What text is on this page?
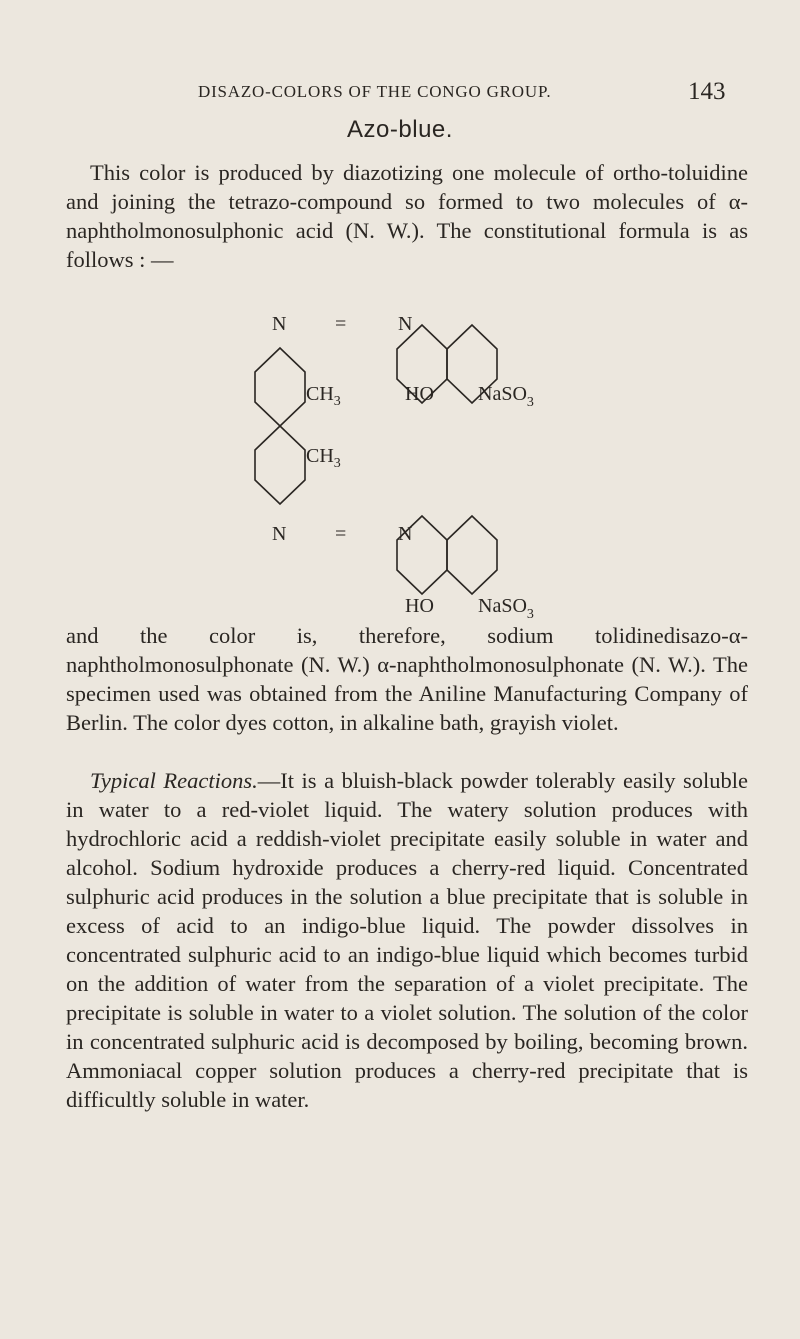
DISAZO-COLORS OF THE CONGO GROUP.	143
Azo-blue.

This color is produced by diazotizing one molecule of ortho-toluidine and joining the tetrazo-compound so formed to two molecules of α-naphtholmonosulphonic acid (N. W.). The constitutional formula is as follows : —

N =	N
$CH_3$
$CH_3$
HO NaSO$_3$
N =	N
HO NaSO$_3$

and the color is, therefore, sodium tolidinedisazo-α-naphtholmonosulphonate (N. W.) α-naphtholmonosulphonate (N. W.). The specimen used was obtained from the Aniline Manufacturing Company of Berlin. The color dyes cotton, in alkaline bath, grayish violet.

Typical Reactions.—It is a bluish-black powder tolerably easily soluble in water to a red-violet liquid. The watery solution produces with hydrochloric acid a reddish-violet precipitate easily soluble in water and alcohol. Sodium hydroxide produces a cherry-red liquid. Concentrated sulphuric acid produces in the solution a blue precipitate that is soluble in excess of acid to an indigo-blue liquid. The powder dissolves in concentrated sulphuric acid to an indigo-blue liquid which becomes turbid on the addition of water from the separation of a violet precipitate. The precipitate is soluble in water to a violet solution. The solution of the color in concentrated sulphuric acid is decomposed by boiling, becoming brown. Ammoniacal copper solution produces a cherry-red precipitate that is difficultly soluble in water.
